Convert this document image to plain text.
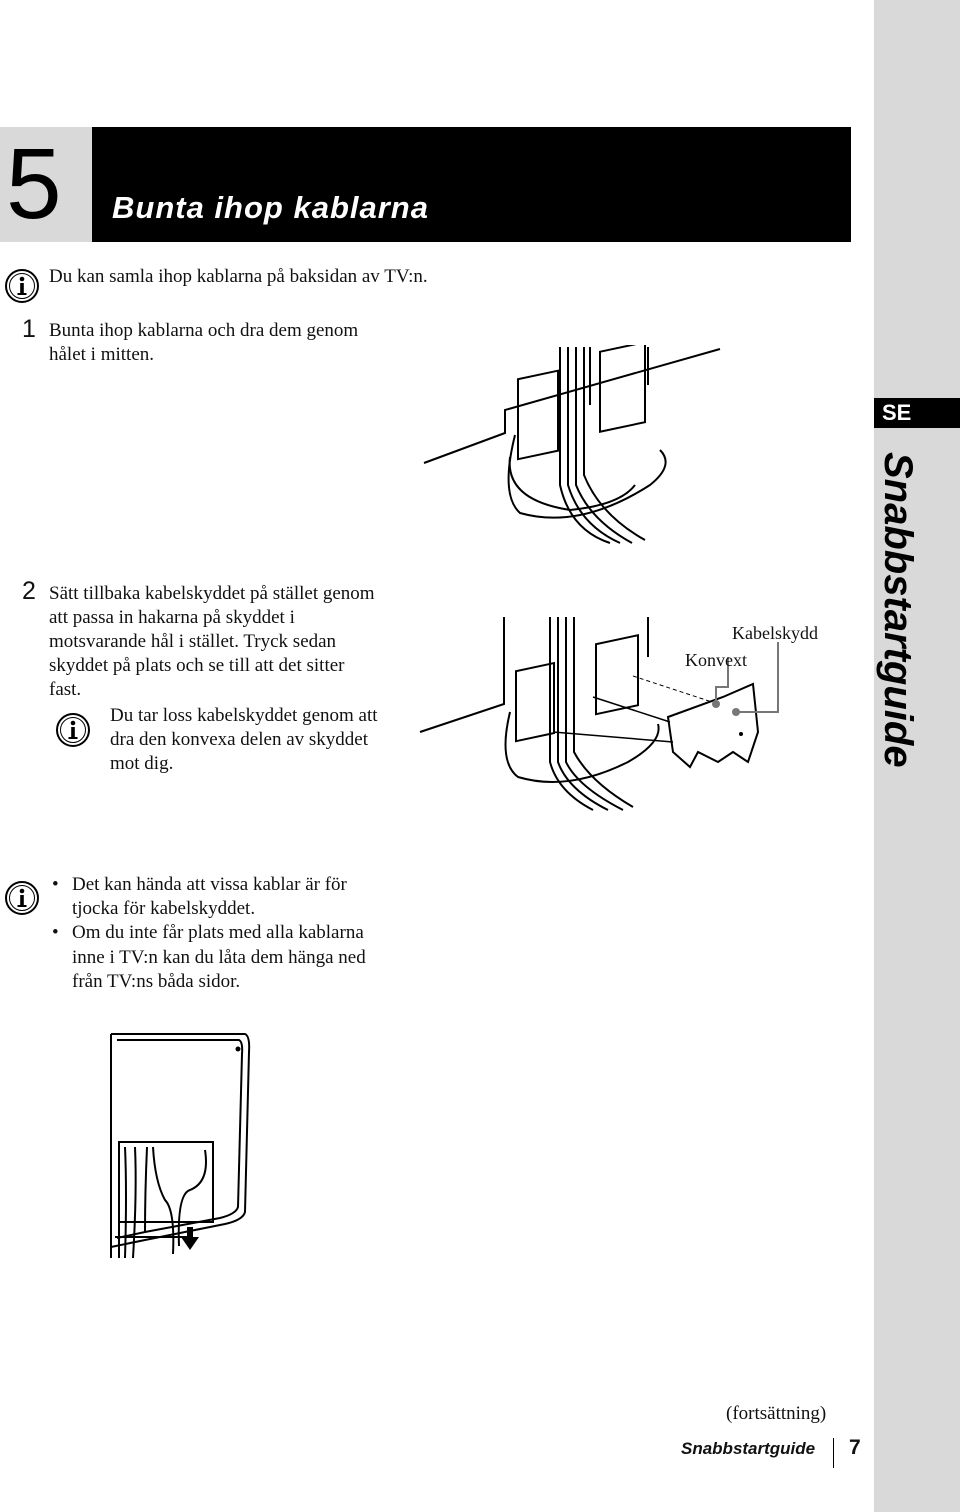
SE
Snabbstartguide
5	Bunta ihop kablarna
Du kan samla ihop kablarna på baksidan av TV:n.
1 Bunta ihop kablarna och dra dem genom
hålet i mitten.
2 Sätt tillbaka kabelskyddet på stället genom
att passa in hakarna på skyddet i
motsvarande hål i stället. Tryck sedan
skyddet på plats och se till att det sitter
fast.
Du tar loss kabelskyddet genom att
dra den konvexa delen av skyddet
mot dig.
Kabelskydd
Konvext
• Det kan hända att vissa kablar är för
tjocka för kabelskyddet.
• Om du inte får plats med alla kablarna
inne i TV:n kan du låta dem hänga ned
från TV:ns båda sidor.
(fortsättning)
Snabbstartguide 7
